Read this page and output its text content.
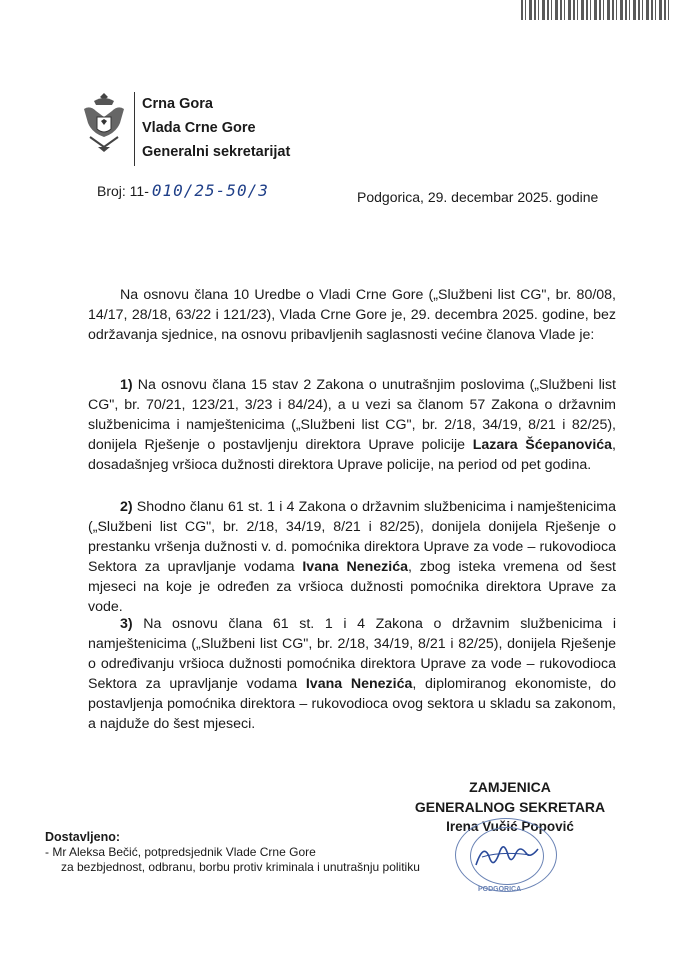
Crna Gora
Vlada Crne Gore
Generalni sekretarijat
Broj: 11- 010/25-50/3	Podgorica, 29. decembar 2025. godine

Na osnovu člana 10 Uredbe o Vladi Crne Gore („Službeni list CG", br. 80/08, 14/17, 28/18, 63/22 i 121/23), Vlada Crne Gore je, 29. decembra 2025. godine, bez održavanja sjednice, na osnovu pribavljenih saglasnosti većine članova Vlade je:

1) Na osnovu člana 15 stav 2 Zakona o unutrašnjim poslovima („Službeni list CG", br. 70/21, 123/21, 3/23 i 84/24), a u vezi sa članom 57 Zakona o državnim službenicima i namještenicima („Službeni list CG", br. 2/18, 34/19, 8/21 i 82/25), donijela Rješenje o postavljenju direktora Uprave policije Lazara Šćepanovića, dosadašnjeg vršioca dužnosti direktora Uprave policije, na period od pet godina.

2) Shodno članu 61 st. 1 i 4 Zakona o državnim službenicima i namještenicima („Službeni list CG", br. 2/18, 34/19, 8/21 i 82/25), donijela donijela Rješenje o prestanku vršenja dužnosti v. d. pomoćnika direktora Uprave za vode – rukovodioca Sektora za upravljanje vodama Ivana Nenezića, zbog isteka vremena od šest mjeseci na koje je određen za vršioca dužnosti pomoćnika direktora Uprave za vode.

3) Na osnovu člana 61 st. 1 i 4 Zakona o državnim službenicima i namještenicima („Službeni list CG", br. 2/18, 34/19, 8/21 i 82/25), donijela Rješenje o određivanju vršioca dužnosti pomoćnika direktora Uprave za vode – rukovodioca Sektora za upravljanje vodama Ivana Nenezića, diplomiranog ekonomiste, do postavljenja pomoćnika direktora – rukovodioca ovog sektora u skladu sa zakonom, a najduže do šest mjeseci.

ZAMJENICA
GENERALNOG SEKRETARA
Irena Vučić Popović
PODGORICA
Dostavljeno:
- Mr Aleksa Bečić, potpredsjednik Vlade Crne Gore
za bezbjednost, odbranu, borbu protiv kriminala i unutrašnju politiku
